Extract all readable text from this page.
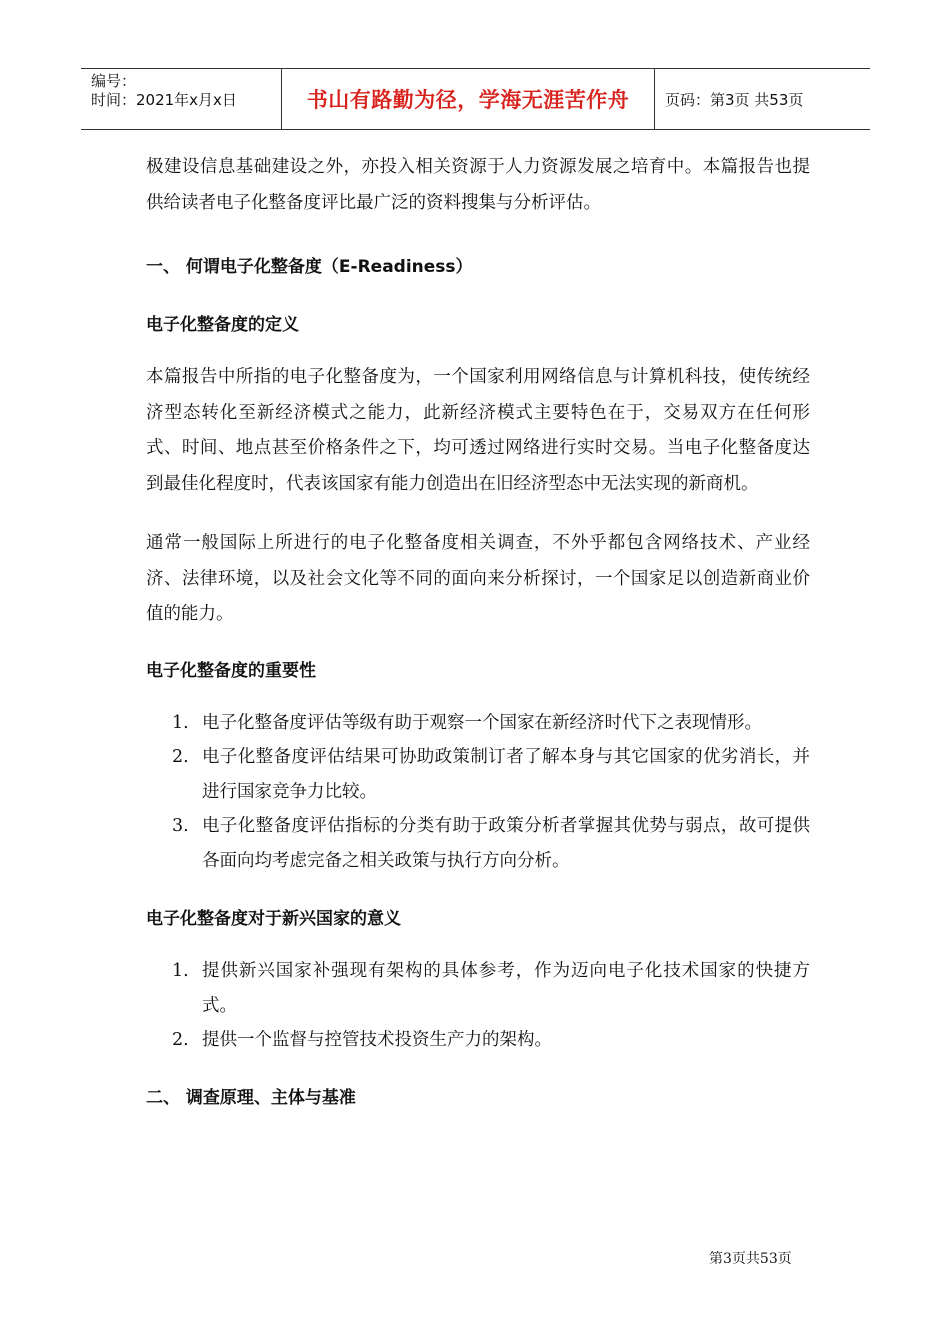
编号：
时间：2021年x月x日	书山有路勤为径，学海无涯苦作舟	页码：第3页 共53页

极建设信息基础建设之外，亦投入相关资源于人力资源发展之培育中。本篇报告也提供给读者电子化整备度评比最广泛的资料搜集与分析评估。

一、 何谓电子化整备度（E-Readiness）
电子化整备度的定义

本篇报告中所指的电子化整备度为，一个国家利用网络信息与计算机科技，使传统经济型态转化至新经济模式之能力，此新经济模式主要特色在于，交易双方在任何形式、时间、地点甚至价格条件之下，均可透过网络进行实时交易。当电子化整备度达到最佳化程度时，代表该国家有能力创造出在旧经济型态中无法实现的新商机。

通常一般国际上所进行的电子化整备度相关调查，不外乎都包含网络技术、产业经济、法律环境，以及社会文化等不同的面向来分析探讨，一个国家足以创造新商业价值的能力。

电子化整备度的重要性
1. 电子化整备度评估等级有助于观察一个国家在新经济时代下之表现情形。
2. 电子化整备度评估结果可协助政策制订者了解本身与其它国家的优劣消长，并进行国家竞争力比较。
3. 电子化整备度评估指标的分类有助于政策分析者掌握其优势与弱点，故可提供各面向均考虑完备之相关政策与执行方向分析。
电子化整备度对于新兴国家的意义
1. 提供新兴国家补强现有架构的具体参考，作为迈向电子化技术国家的快捷方式。
2. 提供一个监督与控管技术投资生产力的架构。
二、 调查原理、主体与基准
第3页共53页
